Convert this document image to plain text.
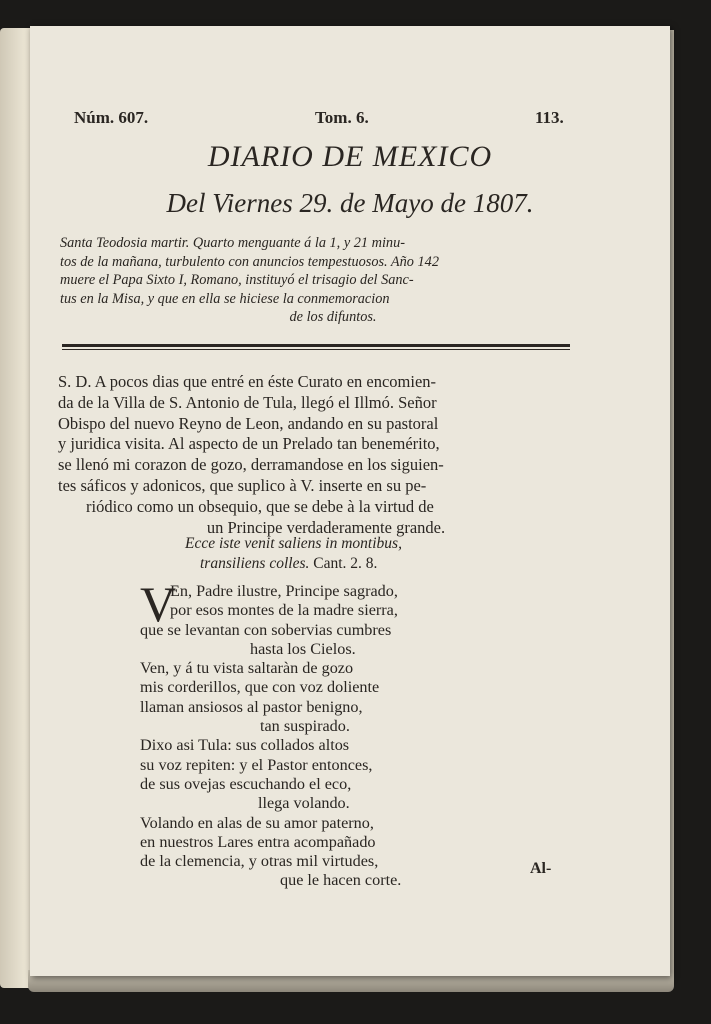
Núm. 607.	Tom. 6.	113.
DIARIO DE MEXICO
Del Viernes 29. de Mayo de 1807.
Santa Teodosia martir. Quarto menguante á la 1, y 21 minu-
tos de la mañana, turbulento con anuncios tempestuosos. Año 142
muere el Papa Sixto I, Romano, instituyó el trisagio del Sanc-
tus en la Misa, y que en ella se hiciese la conmemoracion
de los difuntos.
S. D. A pocos dias que entré en éste Curato en encomien-
da de la Villa de S. Antonio de Tula, llegó el Illmó. Señor
Obispo del nuevo Reyno de Leon, andando en su pastoral
y juridica visita. Al aspecto de un Prelado tan benemérito,
se llenó mi corazon de gozo, derramandose en los siguien-
tes sáficos y adonicos, que suplico à V. inserte en su pe-
riódico como un obsequio, que se debe à la virtud de
un Principe verdaderamente grande.
Ecce iste venit saliens in montibus,
transiliens colles. Cant. 2. 8.
V
En, Padre ilustre, Principe sagrado,
por esos montes de la madre sierra,
que se levantan con sobervias cumbres
hasta los Cielos.
Ven, y á tu vista saltaràn de gozo
mis corderillos, que con voz doliente
llaman ansiosos al pastor benigno,
tan suspirado.
Dixo asi Tula: sus collados altos
su voz repiten: y el Pastor entonces,
de sus ovejas escuchando el eco,
llega volando.
Volando en alas de su amor paterno,
en nuestros Lares entra acompañado
de la clemencia, y otras mil virtudes,
que le hacen corte.
Al-
